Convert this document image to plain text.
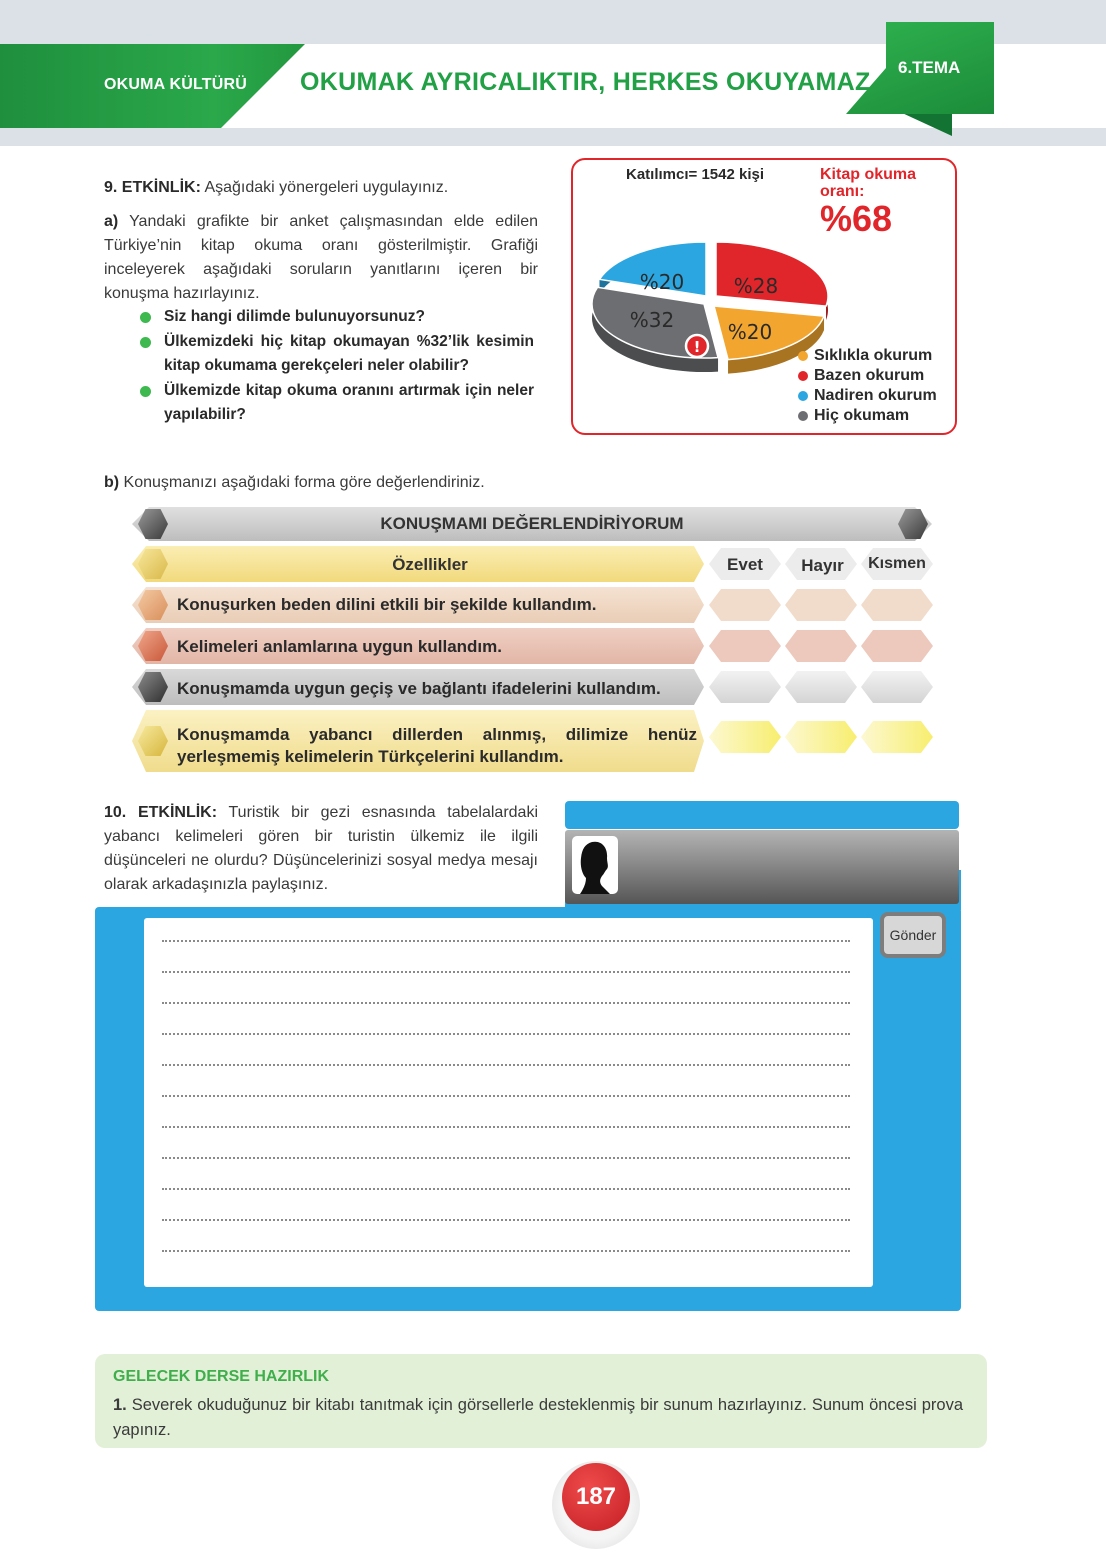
OKUMA KÜLTÜRÜ OKUMAK AYRICALIKTIR, HERKES OKUYAMAZ
6.TEMA
9. ETKİNLİK: Aşağıdaki yönergeleri uygulayınız.
a) Yandaki grafikte bir anket çalışmasından elde edilen Türkiye’nin kitap okuma oranı gösterilmiştir. Grafiği inceleyerek aşağıdaki soruların yanıtlarını içeren bir konuşma hazırlayınız.
Siz hangi dilimde bulunuyorsunuz?
Ülkemizdeki hiç kitap okumayan %32’lik kesimin kitap okumama gerekçeleri neler olabilir?
Ülkemizde kitap okuma oranını artırmak için neler yapılabilir?
b) Konuşmanızı aşağıdaki forma göre değerlendiriniz.
Katılımcı= 1542 kişi	Kitap okuma oranı:
%68
%28
%20
%32
%20
!	Sıklıkla okurum
Bazen okurum
Nadiren okurum
Hiç okumam
KONUŞMAMI DEĞERLENDİRİYORUM
Özellikler	Evet	Hayır	Kısmen
Konuşurken beden dilini etkili bir şekilde kullandım.
Kelimeleri anlamlarına uygun kullandım.
Konuşmamda uygun geçiş ve bağlantı ifadelerini kullandım.
Konuşmamda yabancı dillerden alınmış, dilimize henüz yerleşmemiş kelimelerin Türkçelerini kullandım.
10. ETKİNLİK: Turistik bir gezi esnasında tabelalardaki yabancı kelimeleri gören bir turistin ülkemiz ile ilgili düşünceleri ne olurdu? Düşüncelerinizi sosyal medya mesajı olarak arkadaşınızla paylaşınız.
Gönder
GELECEK DERSE HAZIRLIK
1. Severek okuduğunuz bir kitabı tanıtmak için görsellerle desteklenmiş bir sunum hazırlayınız. Sunum öncesi prova yapınız.
187
